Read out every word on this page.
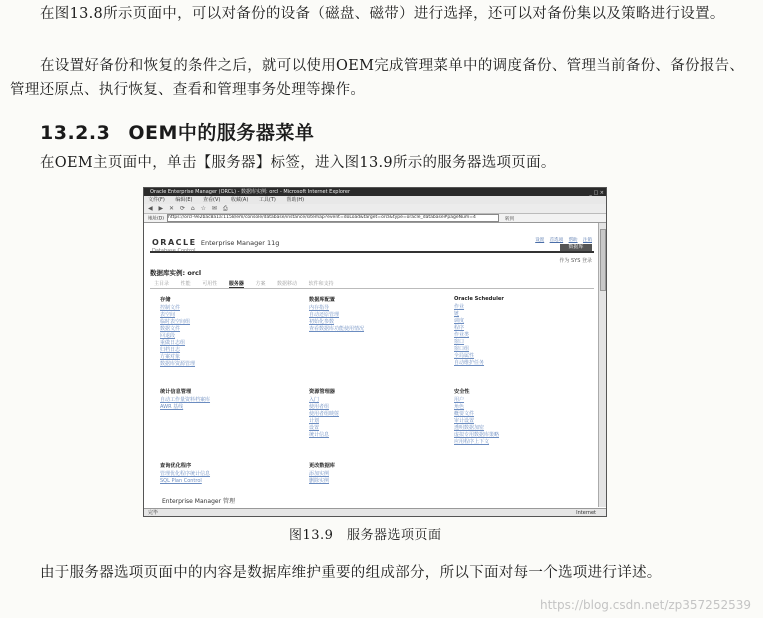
在图13.8所示页面中，可以对备份的设备（磁盘、磁带）进行选择，还可以对备份集以及策略进行设置。
在设置好备份和恢复的条件之后，就可以使用OEM完成管理菜单中的调度备份、管理当前备份、备份报告、管理还原点、执行恢复、查看和管理事务处理等操作。
13.2.3 OEM中的服务器菜单
在OEM主页面中，单击【服务器】标签，进入图13.9所示的服务器选项页面。
Oracle Enterprise Manager (ORCL) - 数据库实例: orcl - Microsoft Internet Explorer	_ □ ×
文件(F) 编辑(E) 查看(V) 收藏(A) 工具(T) 帮助(H)
◀ ▶ ✕ ⟳ ⌂ ☆ ✉ ⎙
地址(D) https://orcl-9e2bac8a1a:1158/em/console/database/instance/sitemap?event=doLoad&target=orcl&type=oracle_database#pageNum=4	转到
ORACLE Enterprise Manager 11g	设置 首选项 帮助 注销
数据库
作为 SYS 登录
数据库实例: orcl
主目录 性能 可用性 服务器 方案 数据移动 软件和支持
存储
控制文件
表空间
临时表空间组
数据文件
回退段
重做日志组
归档日志
方案对象
数据库资源管理
数据库配置
内存指导
自动还原管理
初始化参数
查看数据库功能使用情况
Oracle Scheduler
作业
链
调度
程序
作业类
窗口
窗口组
全局属性
自动维护任务
统计信息管理
自动工作量资料档案库
AWR 基线
资源管理器
入门
使用者组
使用者组映射
计划
设置
统计信息
安全性
用户
角色
概要文件
审计设置
透明数据加密
虚拟专用数据库策略
应用程序上下文
查询优化程序
管理优化程序统计信息
SQL Plan Control
更改数据库
添加实例
删除实例
Enterprise Manager 管理
完毕	Internet
图13.9　服务器选项页面
由于服务器选项页面中的内容是数据库维护重要的组成部分，所以下面对每一个选项进行详述。
https://blog.csdn.net/zp357252539
